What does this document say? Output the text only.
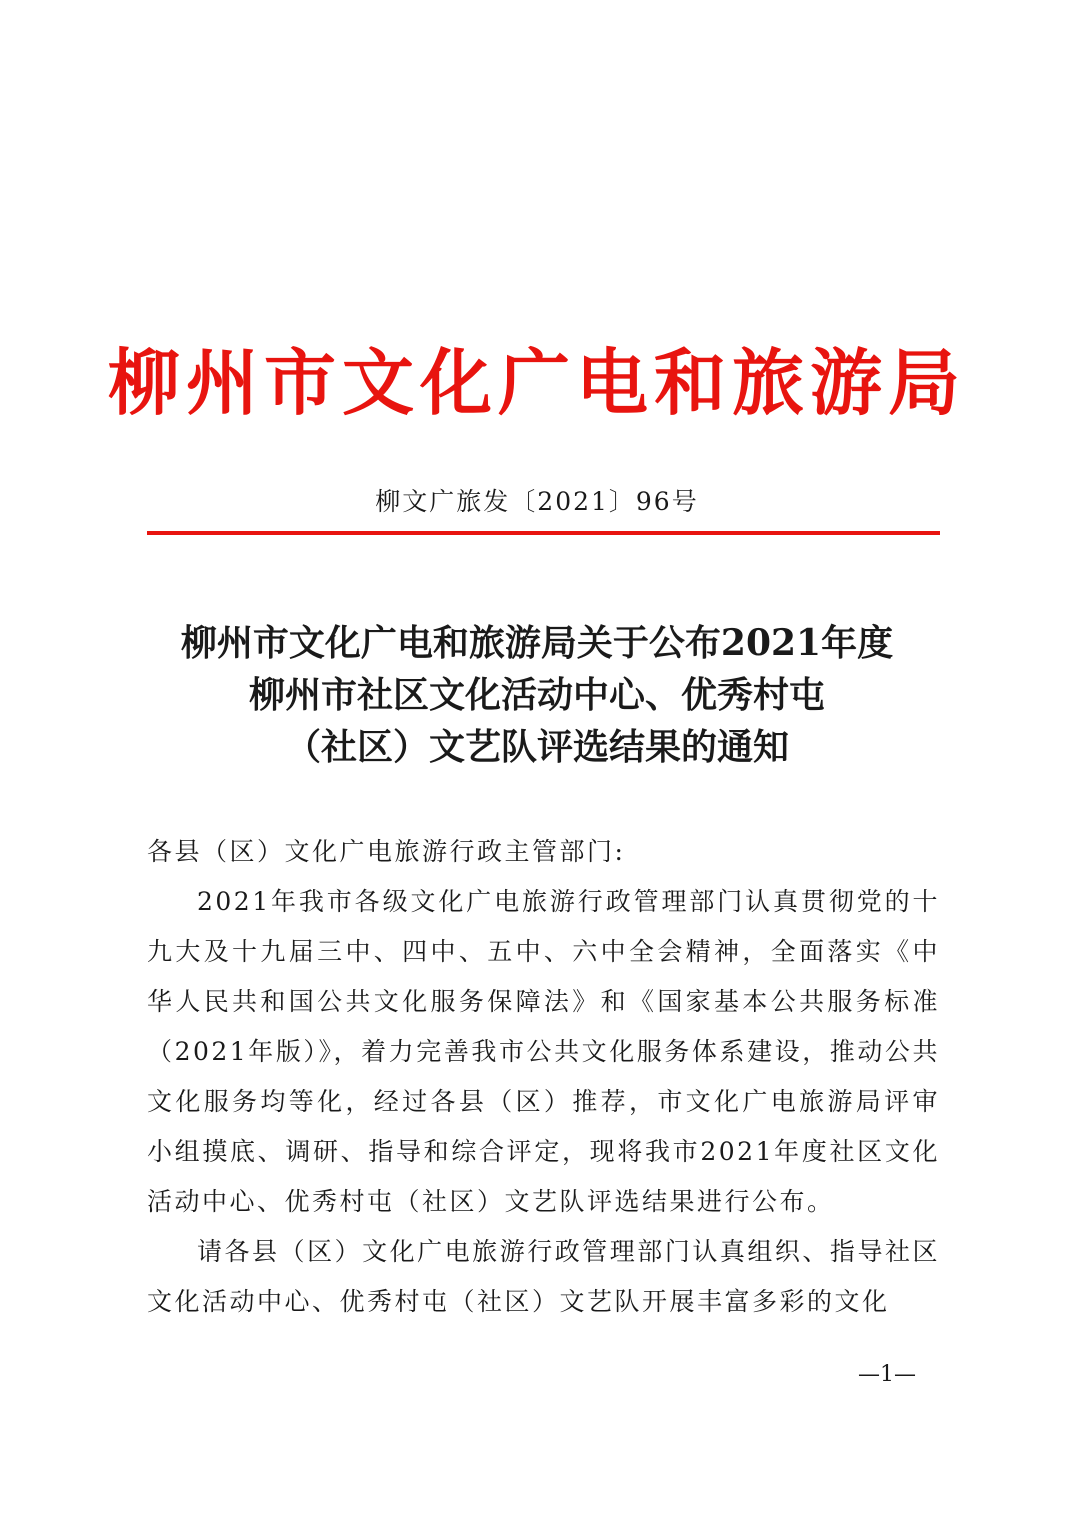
柳州市文化广电和旅游局
柳文广旅发〔2021〕96号
柳州市文化广电和旅游局关于公布2021年度
柳州市社区文化活动中心、优秀村屯
（社区）文艺队评选结果的通知

各县（区）文化广电旅游行政主管部门:

2021年我市各级文化广电旅游行政管理部门认真贯彻党的十九大及十九届三中、四中、五中、六中全会精神，全面落实《中华人民共和国公共文化服务保障法》和《国家基本公共服务标准（2021年版）》，着力完善我市公共文化服务体系建设，推动公共文化服务均等化，经过各县（区）推荐，市文化广电旅游局评审小组摸底、调研、指导和综合评定，现将我市2021年度社区文化活动中心、优秀村屯（社区）文艺队评选结果进行公布。

请各县（区）文化广电旅游行政管理部门认真组织、指导社区文化活动中心、优秀村屯（社区）文艺队开展丰富多彩的文化

—1—
